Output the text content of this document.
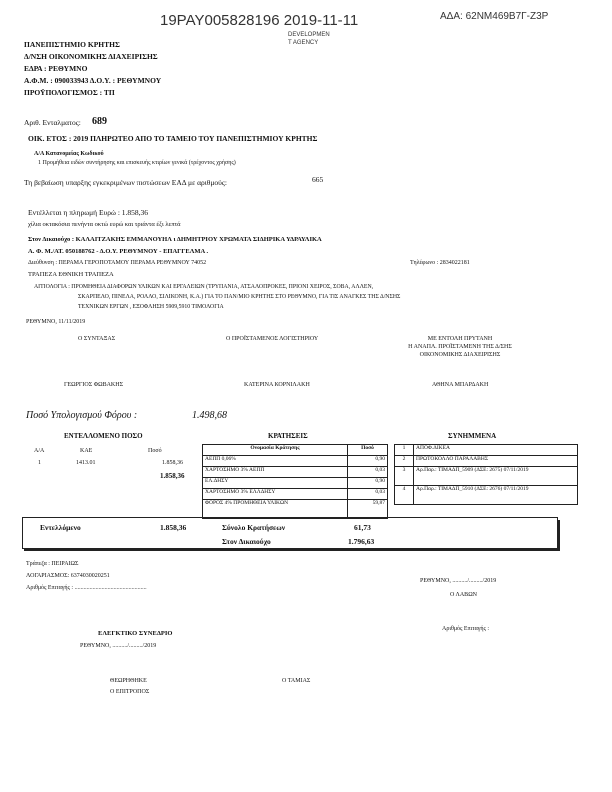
19PAY005828196 2019-11-11	ΑΔΑ: 62ΝΜ469Β7Γ-Ζ3Ρ
DEVELOPMEN
T AGENCY
ΠΑΝΕΠΙΣΤΗΜΙΟ ΚΡΗΤΗΣ
Δ/ΝΣΗ ΟΙΚΟΝΟΜΙΚΗΣ ΔΙΑΧΕΙΡΙΣΗΣ
ΕΔΡΑ : ΡΕΘΥΜΝΟ
Α.Φ.Μ. : 090033943 Δ.Ο.Υ. : ΡΕΘΥΜΝΟΥ
ΠΡΟΫΠΟΛΟΓΙΣΜΟΣ : ΤΠ
Αριθ. Ενταλματος: 689
ΟΙΚ. ΕΤΟΣ : 2019 ΠΛΗΡΩΤΕΟ ΑΠΟ ΤΟ ΤΑΜΕΙΟ ΤΟΥ ΠΑΝΕΠΙΣΤΗΜΙΟΥ ΚΡΗΤΗΣ
Α/Α Κατανομείας Κωδικού
1 Προμήθεια ειδών συντήρησης και επισκευής κτιρίων γενικά (τρέχοντος χρήσης)
Τη βεβαίωση υπαρξης εγκεκριμένων πιστώσεων ΕΑΔ με αριθμούς:	665
Εντέλλεται η πληρωμή Ευρώ : 1.858,36
χίλια οκτακόσια πενήντα οκτώ ευρώ και τριάντα έξι λεπτά
Στον Δικαιούχο : ΚΑΛΑΙΤΖΑΚΗΣ ΕΜΜΑΝΟΥΗΛ ι ΔΗΜΗΤΡΙΟΥ ΧΡΩΜΑΤΑ ΣΙΔΗΡΙΚΑ ΥΔΡΑΥΛΙΚΑ
Α. Φ. Μ./ΑΤ. 050188762 - Δ.Ο.Υ. ΡΕΘΥΜΝΟΥ - ΕΠΑΓΓΕΛΜΑ .
Διεύθυνση : ΠΕΡΑΜΑ ΓΕΡΟΠΟΤΑΜΟΥ ΠΕΡΑΜΑ ΡΕΘΥΜΝΟΥ 74052	Τηλέφωνο : 2834022181
ΤΡΑΠΕΖΑ ΕΘΝΙΚΗ ΤΡΑΠΕΖΑ
ΑΙΤΙΟΛΟΓΙΑ : ΠΡΟΜΗΘΕΙΑ ΔΙΑΦΟΡΩΝ ΥΛΙΚΩΝ ΚΑΙ ΕΡΓΑΛΕΙΩΝ (ΤΡΥΠΑΝΙΑ, ΑΤΣΑΛΟΠΡΟΚΕΣ, ΠΡΙΟΝΙ ΧΕΙΡΟΣ, ΣΟΒΑ, ΑΛΛΕΝ,
ΣΚΑΡΠΕΛΟ, ΠΙΝΕΛΑ, ΡΟΛΛΟ, ΣΙΛΙΚΟΝΗ, Κ.Α.) ΓΙΑ ΤΟ ΠΑΝ/ΜΙΟ ΚΡΗΤΗΣ ΣΤΟ ΡΕΘΥΜΝΟ, ΓΙΑ ΤΙΣ ΑΝΑΓΚΕΣ ΤΗΣ Δ/ΝΣΗΣ
ΤΕΧΝΙΚΩΝ ΕΡΓΩΝ , ΕΞΟΦΛΗΣΗ 5909,5910 ΤΙΜΟΛΟΓΙΑ
ΡΕΘΥΜΝΟ, 11/11/2019
Ο ΣΥΝΤΑΞΑΣ	Ο ΠΡΟΪΣΤΑΜΕΝΟΣ ΛΟΓΙΣΤΗΡΙΟΥ	ΜΕ ΕΝΤΟΛΗ ΠΡΥΤΑΝΗ
Η ΑΝΑΠΛ. ΠΡΟΪΣΤΑΜΕΝΗ ΤΗΣ Δ/ΣΗΣ
ΟΙΚΟΝΟΜΙΚΗΣ ΔΙΑΧΕΙΡΙΣΗΣ
ΓΕΩΡΓΙΟΣ ΦΩΒΑΚΗΣ	ΚΑΤΕΡΙΝΑ ΚΟΡΝΙΛΑΚΗ	ΑΘΗΝΑ ΜΠΑΡΔΑΚΗ
Ποσό Υπολογισμού Φόρου :	1.498,68
ΕΝΤΕΛΛΟΜΕΝΟ ΠΟΣΟ
Α/Α	ΚΑΕ	Ποσό
1	1413.01	1.858,36
1.858,36
ΚΡΑΤΗΣΕΙΣ
Ονομασία Κράτησης	Ποσό
ΑΕΠΠ 0,06%	0,90
ΧΑΡΤΟΣΗΜΟ 3% ΑΕΠΠ	0,03
ΕΛ.ΔΗΣΥ	0,90
ΧΑΡΤΟΣΗΜΟ 3% ΕΛΛΔΗΣΥ	0,03
ΦΟΡΟΣ 4% ΠΡΟΜΗΘΕΙΑ ΥΛΙΚΩΝ	59,87
ΣΥΝΗΜΜΕΝΑ
1	ΑΠΟΦ.ΔΙΚΕΑ
2	ΠΡΩΤΟΚΟΛΛΟ ΠΑΡΑΛΑΒΗΣ
3	Αρ.Παρ.: ΤΙΜΑΔΠ_5909 (ΔΣΕ: 2675) 07/11/2019
4	Αρ.Παρ.: ΤΙΜΑΔΠ_5910 (ΔΣΕ: 2676) 07/11/2019
Εντελλόμενο	1.858,36	Σύνολο Κρατήσεων	61,73
Στον Δικαιούχο	1.796,63
Τράπεζα : ΠΕΙΡΑΙΩΣ
ΛΟΓΑΡΙΑΣΜΟΣ: 6374030020251
Αριθμός Επιταγής : ................................................
ΡΕΘΥΜΝΟ, ........../........./2019
Ο ΛΑΒΩΝ
Αριθμός Επιταγής :
ΕΛΕΓΚΤΙΚΟ ΣΥΝΕΔΡΙΟ
ΡΕΘΥΜΝΟ, ........../........./2019
ΘΕΩΡΗΘΗΚΕ
Ο ΕΠΙΤΡΟΠΟΣ
Ο ΤΑΜΙΑΣ
